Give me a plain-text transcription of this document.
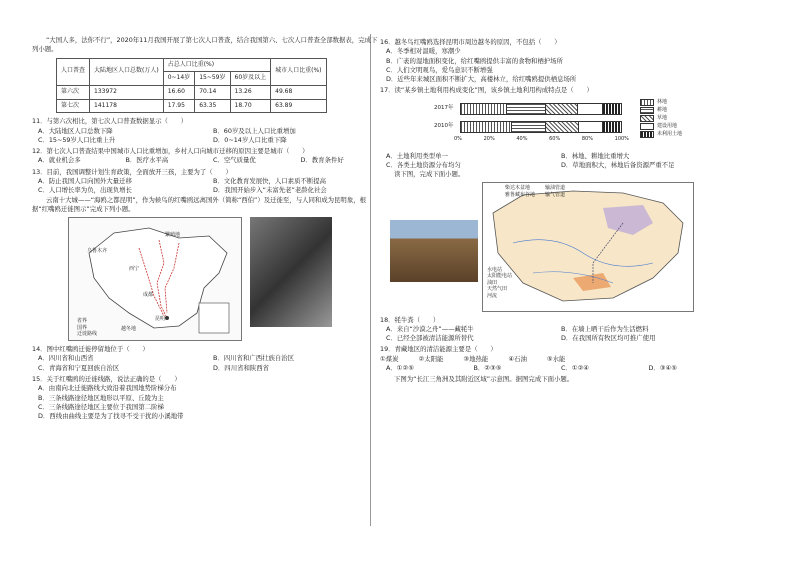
“大国人多，法你不行”，2020年11月我国开展了第七次人口普查，结合我国第六、七次人口普查全部数据表，完成下列小题。

人口普查	大陆地区人口总数(万人)	占总人口比重(%)			城市人口比重(%)
		0~14岁	15~59岁	60岁及以上	
第六次	133972	16.60	70.14	13.26	49.68
第七次	141178	17.95	63.35	18.70	63.89

11．与第六次相比，第七次人口普查数据显示（　　）

A．大陆地区人口总数下降	B．60岁及以上人口比重增加
C．15~59岁人口比重上升	D．0~14岁人口比重下降

12．第七次人口普查结果中国城市人口比重增加，乡村人口向城市迁移的原因主要是城市（　　）

A．就业机会多	B．医疗水平高	C．空气质量优	D．教育条件好

13．目前，我国调整计划生育政策，全面放开三孩，主要为了（　　）

A．防止我国人口向国外大量迁移	B．文化教育发展快，人口素质不断提高
C．人口增长率为负，出现负增长	D．我国开始步入“未富先老”老龄化社会

云南十大城——“海鸥之都昆明”，作为候鸟的红嘴鸥远离国外（简称“西伯”）及迁徙至，与人同和成为昆明象，根据“红嘴鸥迁徙图示”完成下列小题。

乌鲁木齐
西宁
昆明
成都
越冬地
繁殖地
省界
国界
迁徙路线

14．图中红嘴鸥迁徙停留地位于（　　）

A．四川省和山西省	B．四川省和广西壮族自治区
C．青海省和宁夏回族自治区	D．四川省和陕西省

15．关于红嘴鸥的迁徙线路，说法正确的是（　　）

A．由南向北迁徙路线大致沿着我国地势阶梯分布
B．三条线路途径地区地形以平原、丘陵为主
C．三条线路途径地区主要位于我国第二阶梯
D．西线由曲线主要是为了找寻不受干扰的小溪地带

16．越冬鸟红嘴鸥选择昆明市周边越冬的原因，不包括（　　）

A．冬季相对温暖，寒潮少
B．广袤的湿地面积变化，给红嘴鸥提供丰富的食物和栖护场所
C．人们文明观鸟，爱鸟意识不断增强
D．近些年来城区面积不断扩大，高楼林立，给红嘴鸥提供栖息场所

17．读“某乡镇土地利用构成变化”图，该乡镇土地利用构成特点是（　　）

2017年
2010年
0%	20%	40%	60%	80%	100%
林地
耕地
草地
建设用地
未利用土地
A．土地利用类型单一	B．林地、耕地比重增大
C．各类土地资源分布均匀	D．草地面积大，林地后备资源严重不足

读下图，完成下面小题。

柴达木盆地	输油管道
雅鲁藏布谷地 输气管道
水电站
太阳能电站
油田
天然气田
河流

18．牦牛粪（　　）

A．来自“沙漠之舟”——藏牦牛	B．在墙上晒干后作为生活燃料
C．已经全部被清洁能源所替代	D．在我国所有牧区均可推广使用

19．青藏地区的清洁能源主要是（　　）

①煤炭	②太阳能	③地热能	④石油	⑤水能
A．①②⑤	B．②③⑤	C．①②④	D．③④⑤

下图为“长江三角洲及其附近区域”示意图。据图完成下面小题。
